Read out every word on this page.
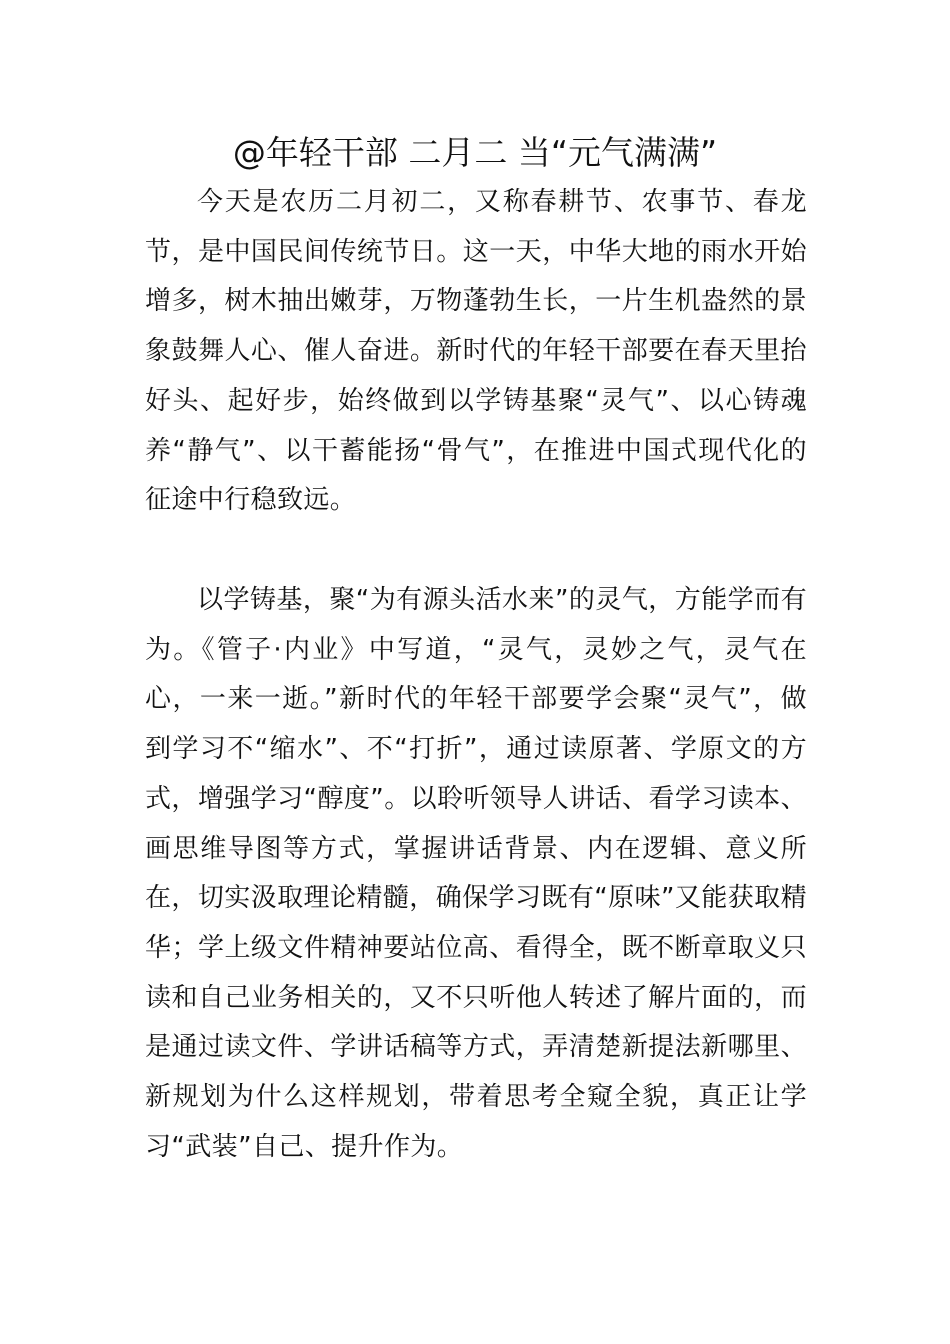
@年轻干部 二月二 当“元气满满”

今天是农历二月初二，又称春耕节、农事节、春龙节，是中国民间传统节日。这一天，中华大地的雨水开始增多，树木抽出嫩芽，万物蓬勃生长，一片生机盎然的景象鼓舞人心、催人奋进。新时代的年轻干部要在春天里抬好头、起好步，始终做到以学铸基聚“灵气”、以心铸魂养“静气”、以干蓄能扬“骨气”，在推进中国式现代化的征途中行稳致远。

以学铸基，聚“为有源头活水来”的灵气，方能学而有为。《管子·内业》中写道，“灵气，灵妙之气，灵气在心，一来一逝。”新时代的年轻干部要学会聚“灵气”，做到学习不“缩水”、不“打折”，通过读原著、学原文的方式，增强学习“醇度”。以聆听领导人讲话、看学习读本、画思维导图等方式，掌握讲话背景、内在逻辑、意义所在，切实汲取理论精髓，确保学习既有“原味”又能获取精华；学上级文件精神要站位高、看得全，既不断章取义只读和自己业务相关的，又不只听他人转述了解片面的，而是通过读文件、学讲话稿等方式，弄清楚新提法新哪里、新规划为什么这样规划，带着思考全窥全貌，真正让学习“武装”自己、提升作为。
